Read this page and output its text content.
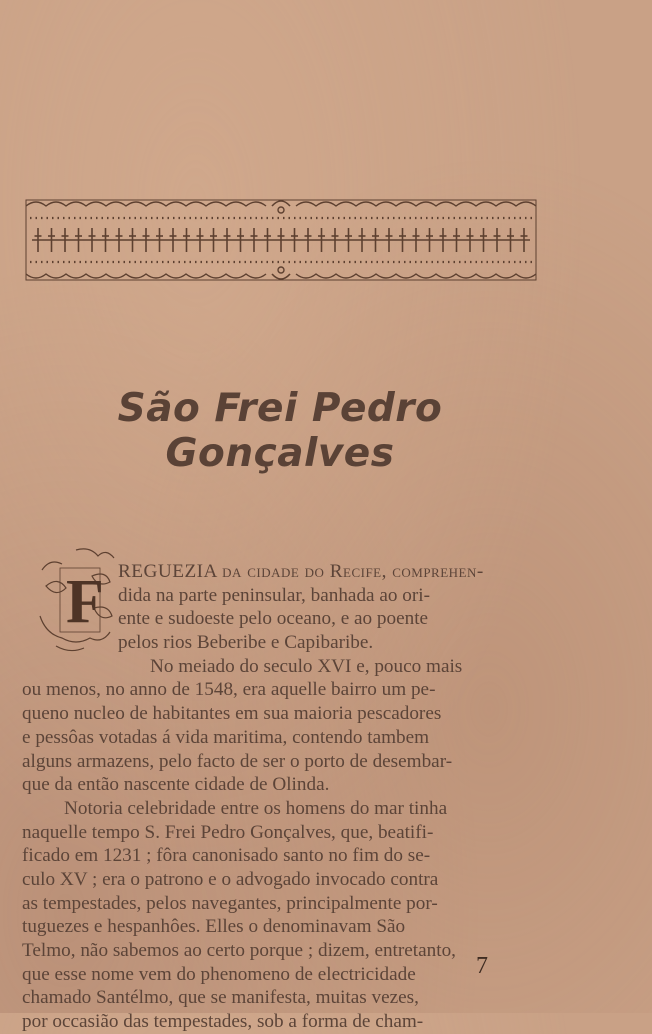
São Frei Pedro Gonçalves
F REGUEZIA da cidade do Recife, comprehen-
dida na parte peninsular, banhada ao ori-
ente e sudoeste pelo oceano, e ao poente
pelos rios Beberibe e Capibaribe.
No meiado do seculo XVI e, pouco mais
ou menos, no anno de 1548, era aquelle bairro um pe-
queno nucleo de habitantes em sua maioria pescadores
e pessôas votadas á vida maritima, contendo tambem
alguns armazens, pelo facto de ser o porto de desembar-
que da então nascente cidade de Olinda.
Notoria celebridade entre os homens do mar tinha
naquelle tempo S. Frei Pedro Gonçalves, que, beatifi-
ficado em 1231 ; fôra canonisado santo no fim do se-
culo XV ; era o patrono e o advogado invocado contra
as tempestades, pelos navegantes, principalmente por-
tuguezes e hespanhôes. Elles o denominavam São
Telmo, não sabemos ao certo porque ; dizem, entretanto,
que esse nome vem do phenomeno de electricidade
chamado Santélmo, que se manifesta, muitas vezes,
por occasião das tempestades, sob a forma de cham-
7
